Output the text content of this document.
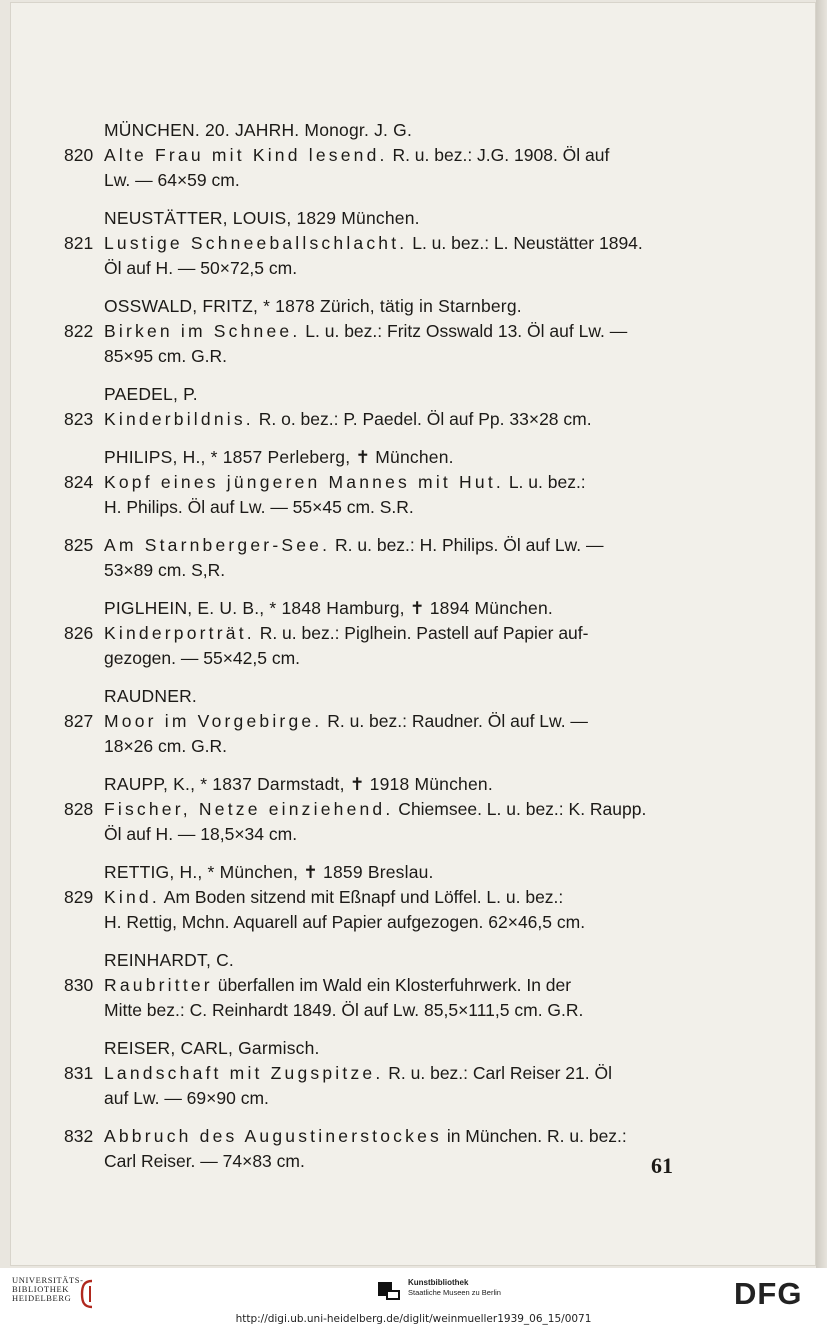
MÜNCHEN. 20. JAHRH. Monogr. J. G.
820 Alte Frau mit Kind lesend. R. u. bez.: J.G. 1908. Öl auf
Lw. — 64×59 cm.
NEUSTÄTTER, LOUIS, 1829 München.
821 Lustige Schneeballschlacht. L. u. bez.: L. Neustätter 1894.
Öl auf H. — 50×72,5 cm.
OSSWALD, FRITZ, * 1878 Zürich, tätig in Starnberg.
822 Birken im Schnee. L. u. bez.: Fritz Osswald 13. Öl auf Lw. —
85×95 cm. G.R.
PAEDEL, P.
823 Kinderbildnis. R. o. bez.: P. Paedel. Öl auf Pp. 33×28 cm.
PHILIPS, H., * 1857 Perleberg, ✝ München.
824 Kopf eines jüngeren Mannes mit Hut. L. u. bez.:
H. Philips. Öl auf Lw. — 55×45 cm. S.R.
825 Am Starnberger-See. R. u. bez.: H. Philips. Öl auf Lw. —
53×89 cm. S,R.
PIGLHEIN, E. U. B., * 1848 Hamburg, ✝ 1894 München.
826 Kinderporträt. R. u. bez.: Piglhein. Pastell auf Papier auf-
gezogen. — 55×42,5 cm.
RAUDNER.
827 Moor im Vorgebirge. R. u. bez.: Raudner. Öl auf Lw. —
18×26 cm. G.R.
RAUPP, K., * 1837 Darmstadt, ✝ 1918 München.
828 Fischer, Netze einziehend. Chiemsee. L. u. bez.: K. Raupp.
Öl auf H. — 18,5×34 cm.
RETTIG, H., * München, ✝ 1859 Breslau.
829 Kind. Am Boden sitzend mit Eßnapf und Löffel. L. u. bez.:
H. Rettig, Mchn. Aquarell auf Papier aufgezogen. 62×46,5 cm.
REINHARDT, C.
830 Raubritter überfallen im Wald ein Klosterfuhrwerk. In der
Mitte bez.: C. Reinhardt 1849. Öl auf Lw. 85,5×111,5 cm. G.R.
REISER, CARL, Garmisch.
831 Landschaft mit Zugspitze. R. u. bez.: Carl Reiser 21. Öl
auf Lw. — 69×90 cm.
832 Abbruch des Augustinerstockes in München. R. u. bez.:
Carl Reiser. — 74×83 cm.	61
UNIVERSITÄTS-
BIBLIOTHEK
HEIDELBERG
Kunstbibliothek
Staatliche Museen zu Berlin	DFG
http://digi.ub.uni-heidelberg.de/diglit/weinmueller1939_06_15/0071
